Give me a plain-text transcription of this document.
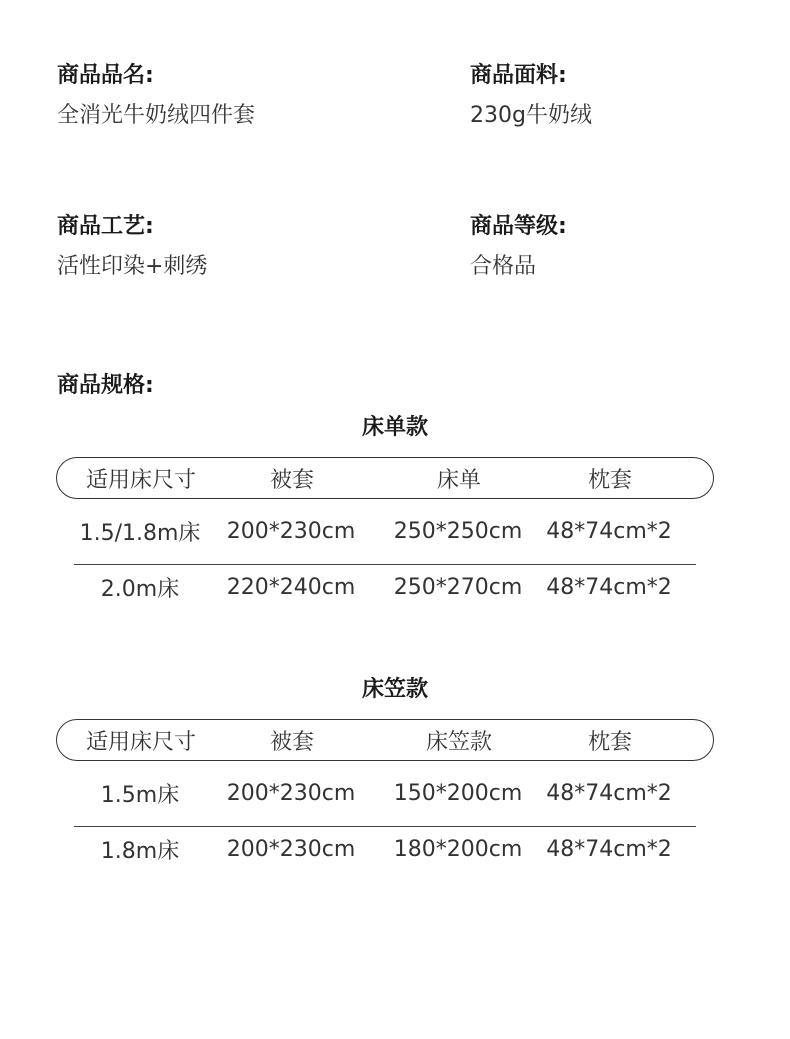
商品品名:
全消光牛奶绒四件套
商品面料:
230g牛奶绒
商品工艺:
活性印染+刺绣
商品等级:
合格品
商品规格:
床单款
适用床尺寸	被套	床单	枕套
1.5/1.8m床	200*230cm	250*250cm	48*74cm*2
2.0m床	220*240cm	250*270cm	48*74cm*2
床笠款
适用床尺寸	被套	床笠款	枕套
1.5m床	200*230cm	150*200cm	48*74cm*2
1.8m床	200*230cm	180*200cm	48*74cm*2
